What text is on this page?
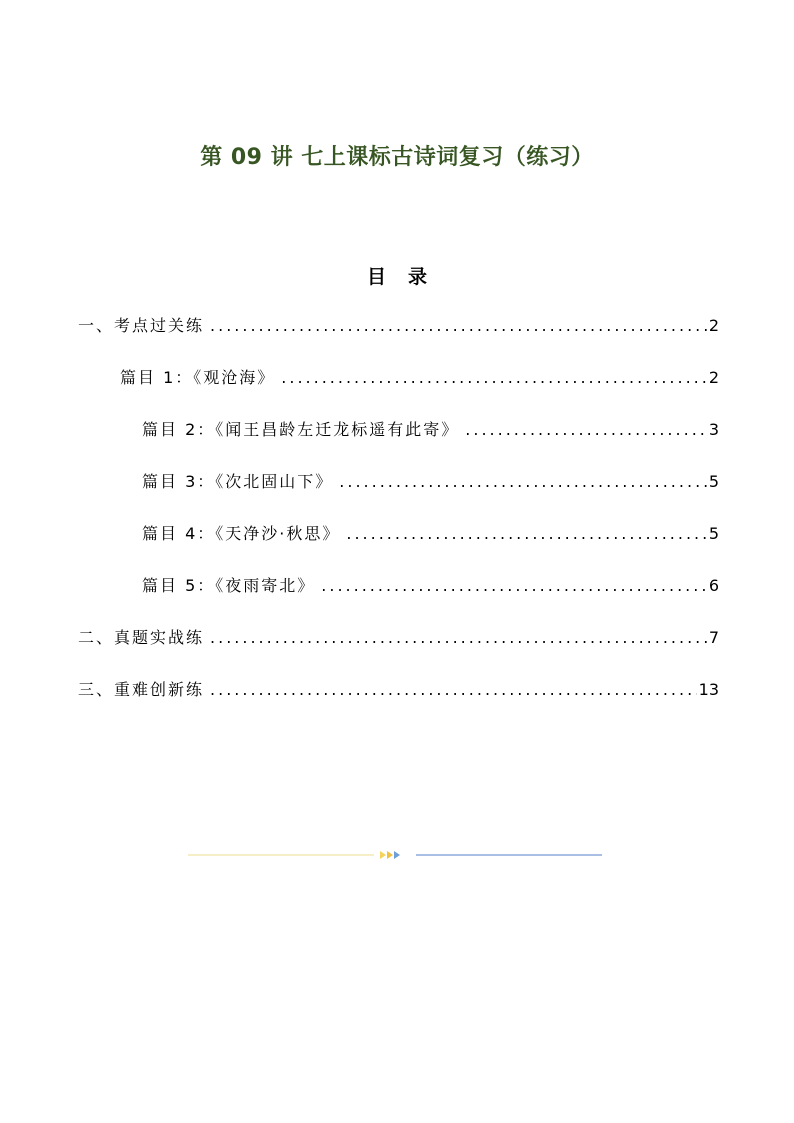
第 09 讲 七上课标古诗词复习（练习）
目录
一、考点过关练 .....	2
篇目 1：《观沧海》 .....	2
篇目 2：《闻王昌龄左迁龙标遥有此寄》 .....	3
篇目 3：《次北固山下》 .....	5
篇目 4：《天净沙·秋思》 .....	5
篇目 5：《夜雨寄北》 .....	6
二、真题实战练 .....	7
三、重难创新练 .....	13
